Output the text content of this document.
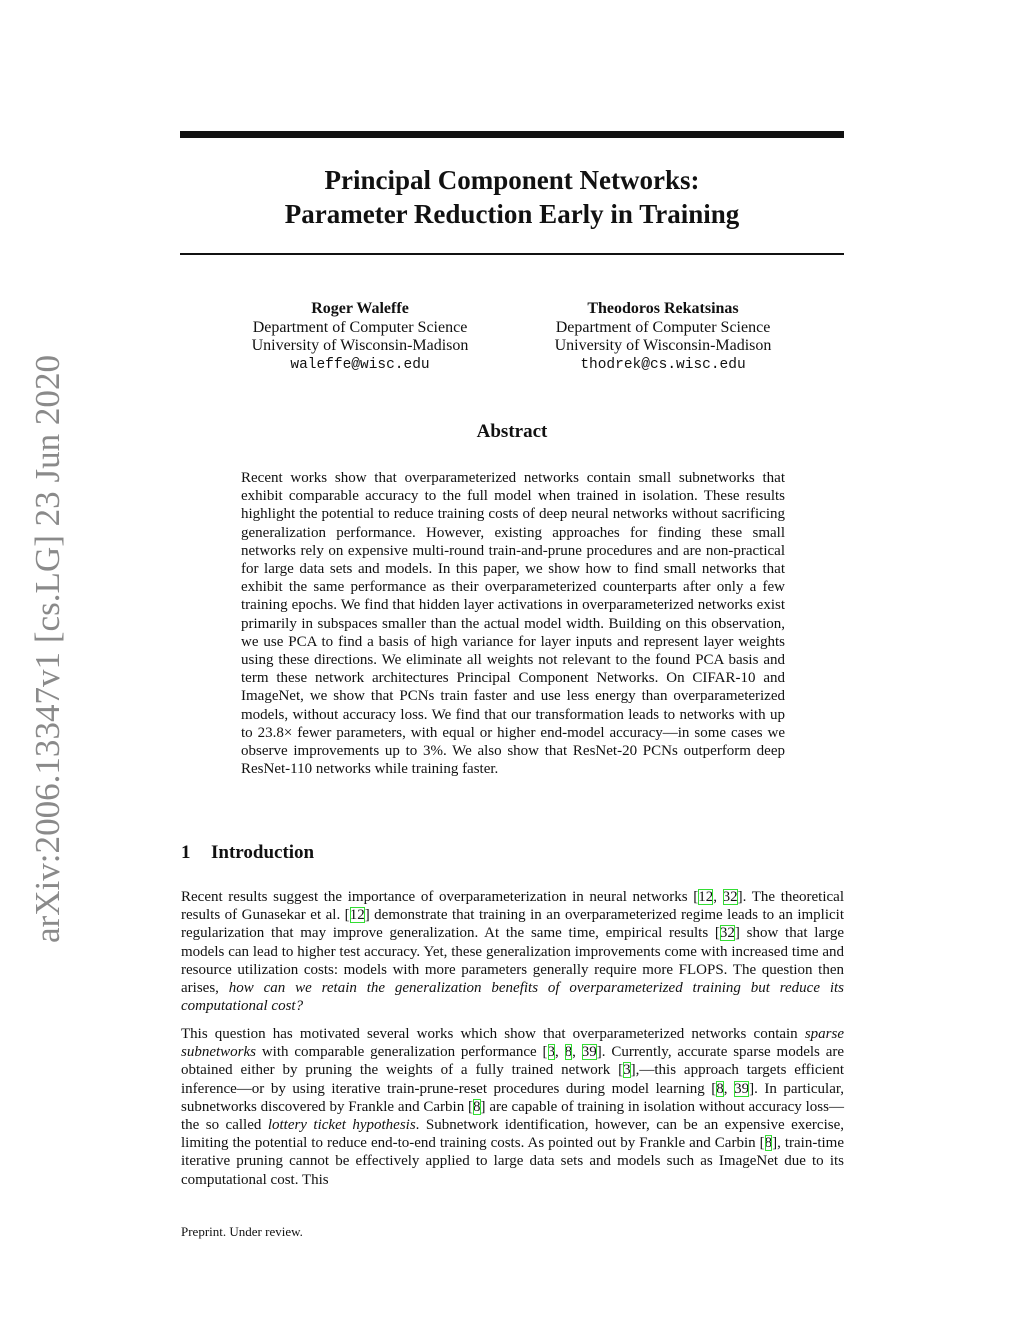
arXiv:2006.13347v1 [cs.LG] 23 Jun 2020
Principal Component Networks:
Parameter Reduction Early in Training
Roger Waleffe
Department of Computer Science
University of Wisconsin-Madison
waleffe@wisc.edu
Theodoros Rekatsinas
Department of Computer Science
University of Wisconsin-Madison
thodrek@cs.wisc.edu
Abstract
Recent works show that overparameterized networks contain small subnetworks that exhibit comparable accuracy to the full model when trained in isolation. These results highlight the potential to reduce training costs of deep neural networks without sacrificing generalization performance. However, existing approaches for finding these small networks rely on expensive multi-round train-and-prune procedures and are non-practical for large data sets and models. In this paper, we show how to find small networks that exhibit the same performance as their overparameterized counterparts after only a few training epochs. We find that hidden layer activations in overparameterized networks exist primarily in subspaces smaller than the actual model width. Building on this observation, we use PCA to find a basis of high variance for layer inputs and represent layer weights using these directions. We eliminate all weights not relevant to the found PCA basis and term these network architectures Principal Component Networks. On CIFAR-10 and ImageNet, we show that PCNs train faster and use less energy than overparameterized models, without accuracy loss. We find that our transformation leads to networks with up to 23.8× fewer parameters, with equal or higher end-model accuracy—in some cases we observe improvements up to 3%. We also show that ResNet-20 PCNs outperform deep ResNet-110 networks while training faster.
1 Introduction
Recent results suggest the importance of overparameterization in neural networks [12, 32]. The theoretical results of Gunasekar et al. [12] demonstrate that training in an overparameterized regime leads to an implicit regularization that may improve generalization. At the same time, empirical results [32] show that large models can lead to higher test accuracy. Yet, these generalization improvements come with increased time and resource utilization costs: models with more parameters generally require more FLOPS. The question then arises, how can we retain the generalization benefits of overparameterized training but reduce its computational cost?
This question has motivated several works which show that overparameterized networks contain sparse subnetworks with comparable generalization performance [3, 8, 39]. Currently, accurate sparse models are obtained either by pruning the weights of a fully trained network [3],—this approach targets efficient inference—or by using iterative train-prune-reset procedures during model learning [8, 39]. In particular, subnetworks discovered by Frankle and Carbin [8] are capable of training in isolation without accuracy loss—the so called lottery ticket hypothesis. Subnetwork identification, however, can be an expensive exercise, limiting the potential to reduce end-to-end training costs. As pointed out by Frankle and Carbin [8], train-time iterative pruning cannot be effectively applied to large data sets and models such as ImageNet due to its computational cost. This
Preprint. Under review.
